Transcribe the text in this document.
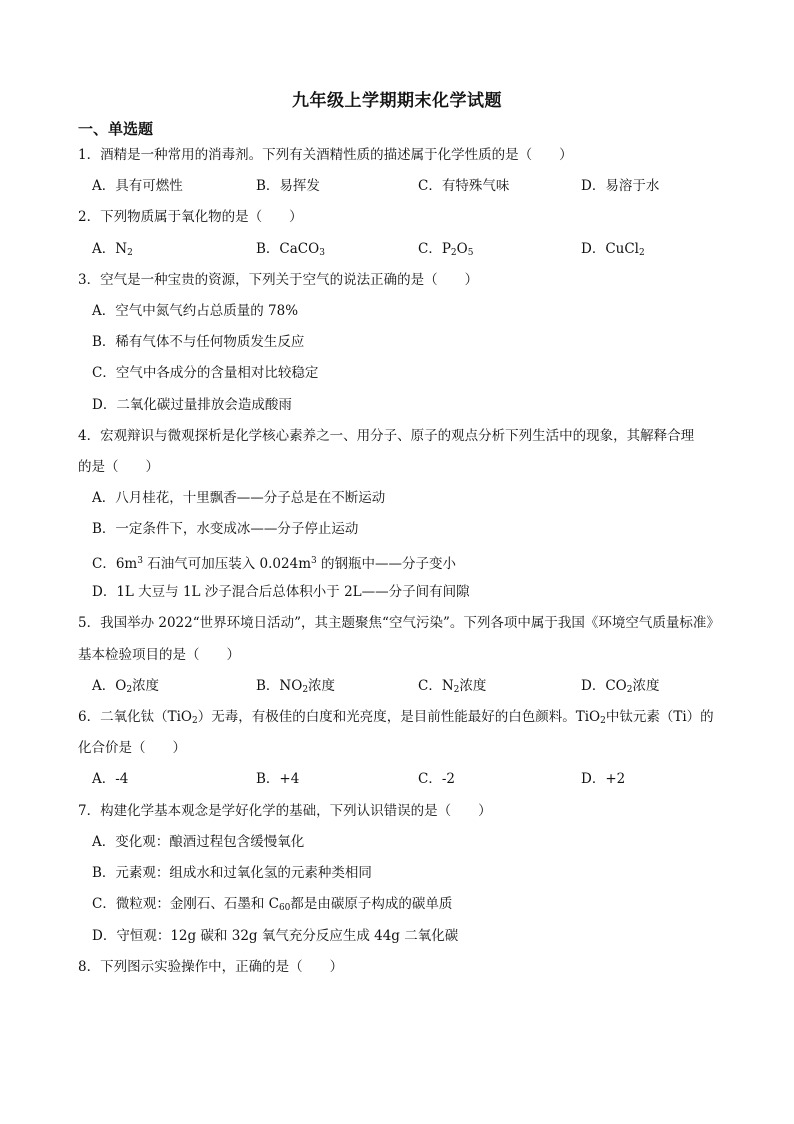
九年级上学期期末化学试题
一、单选题
1．酒精是一种常用的消毒剂。下列有关酒精性质的描述属于化学性质的是（　　）
A．具有可燃性	B．易挥发	C．有特殊气味	D．易溶于水
2．下列物质属于氧化物的是（　　）
A．$N_2$	B．CaCO$_3$	C．$P_2O_5$	D．CuCl$_2$
3．空气是一种宝贵的资源，下列关于空气的说法正确的是（　　）
A．空气中氮气约占总质量的 78%
B．稀有气体不与任何物质发生反应
C．空气中各成分的含量相对比较稳定
D．二氧化碳过量排放会造成酸雨
4．宏观辩识与微观探析是化学核心素养之一、用分子、原子的观点分析下列生活中的现象，其解释合理
的是（　　）
A．八月桂花，十里飘香——分子总是在不断运动
B．一定条件下，水变成冰——分子停止运动
C．$6m^3$ 石油气可加压装入 $0.024m^3$ 的钢瓶中——分子变小
D．1L 大豆与 1L 沙子混合后总体积小于 2L——分子间有间隙
5．我国举办 2022“世界环境日活动”，其主题聚焦“空气污染”。下列各项中属于我国《环境空气质量标准》
基本检验项目的是（　　）
A．$O_2$浓度	B．$NO_2$浓度	C．$N_2$浓度	D．$CO_2$浓度
6．二氧化钛（TiO$_2$）无毒，有极佳的白度和光亮度，是目前性能最好的白色颜料。TiO$_2$中钛元素（Ti）的
化合价是（　　）
A．-4	B．+4	C．-2	D．+2
7．构建化学基本观念是学好化学的基础，下列认识错误的是（　　）
A．变化观：酿酒过程包含缓慢氧化
B．元素观：组成水和过氧化氢的元素种类相同
C．微粒观：金刚石、石墨和 $C_{60}$都是由碳原子构成的碳单质
D．守恒观：12g 碳和 32g 氧气充分反应生成 44g 二氧化碳
8．下列图示实验操作中，正确的是（　　）
